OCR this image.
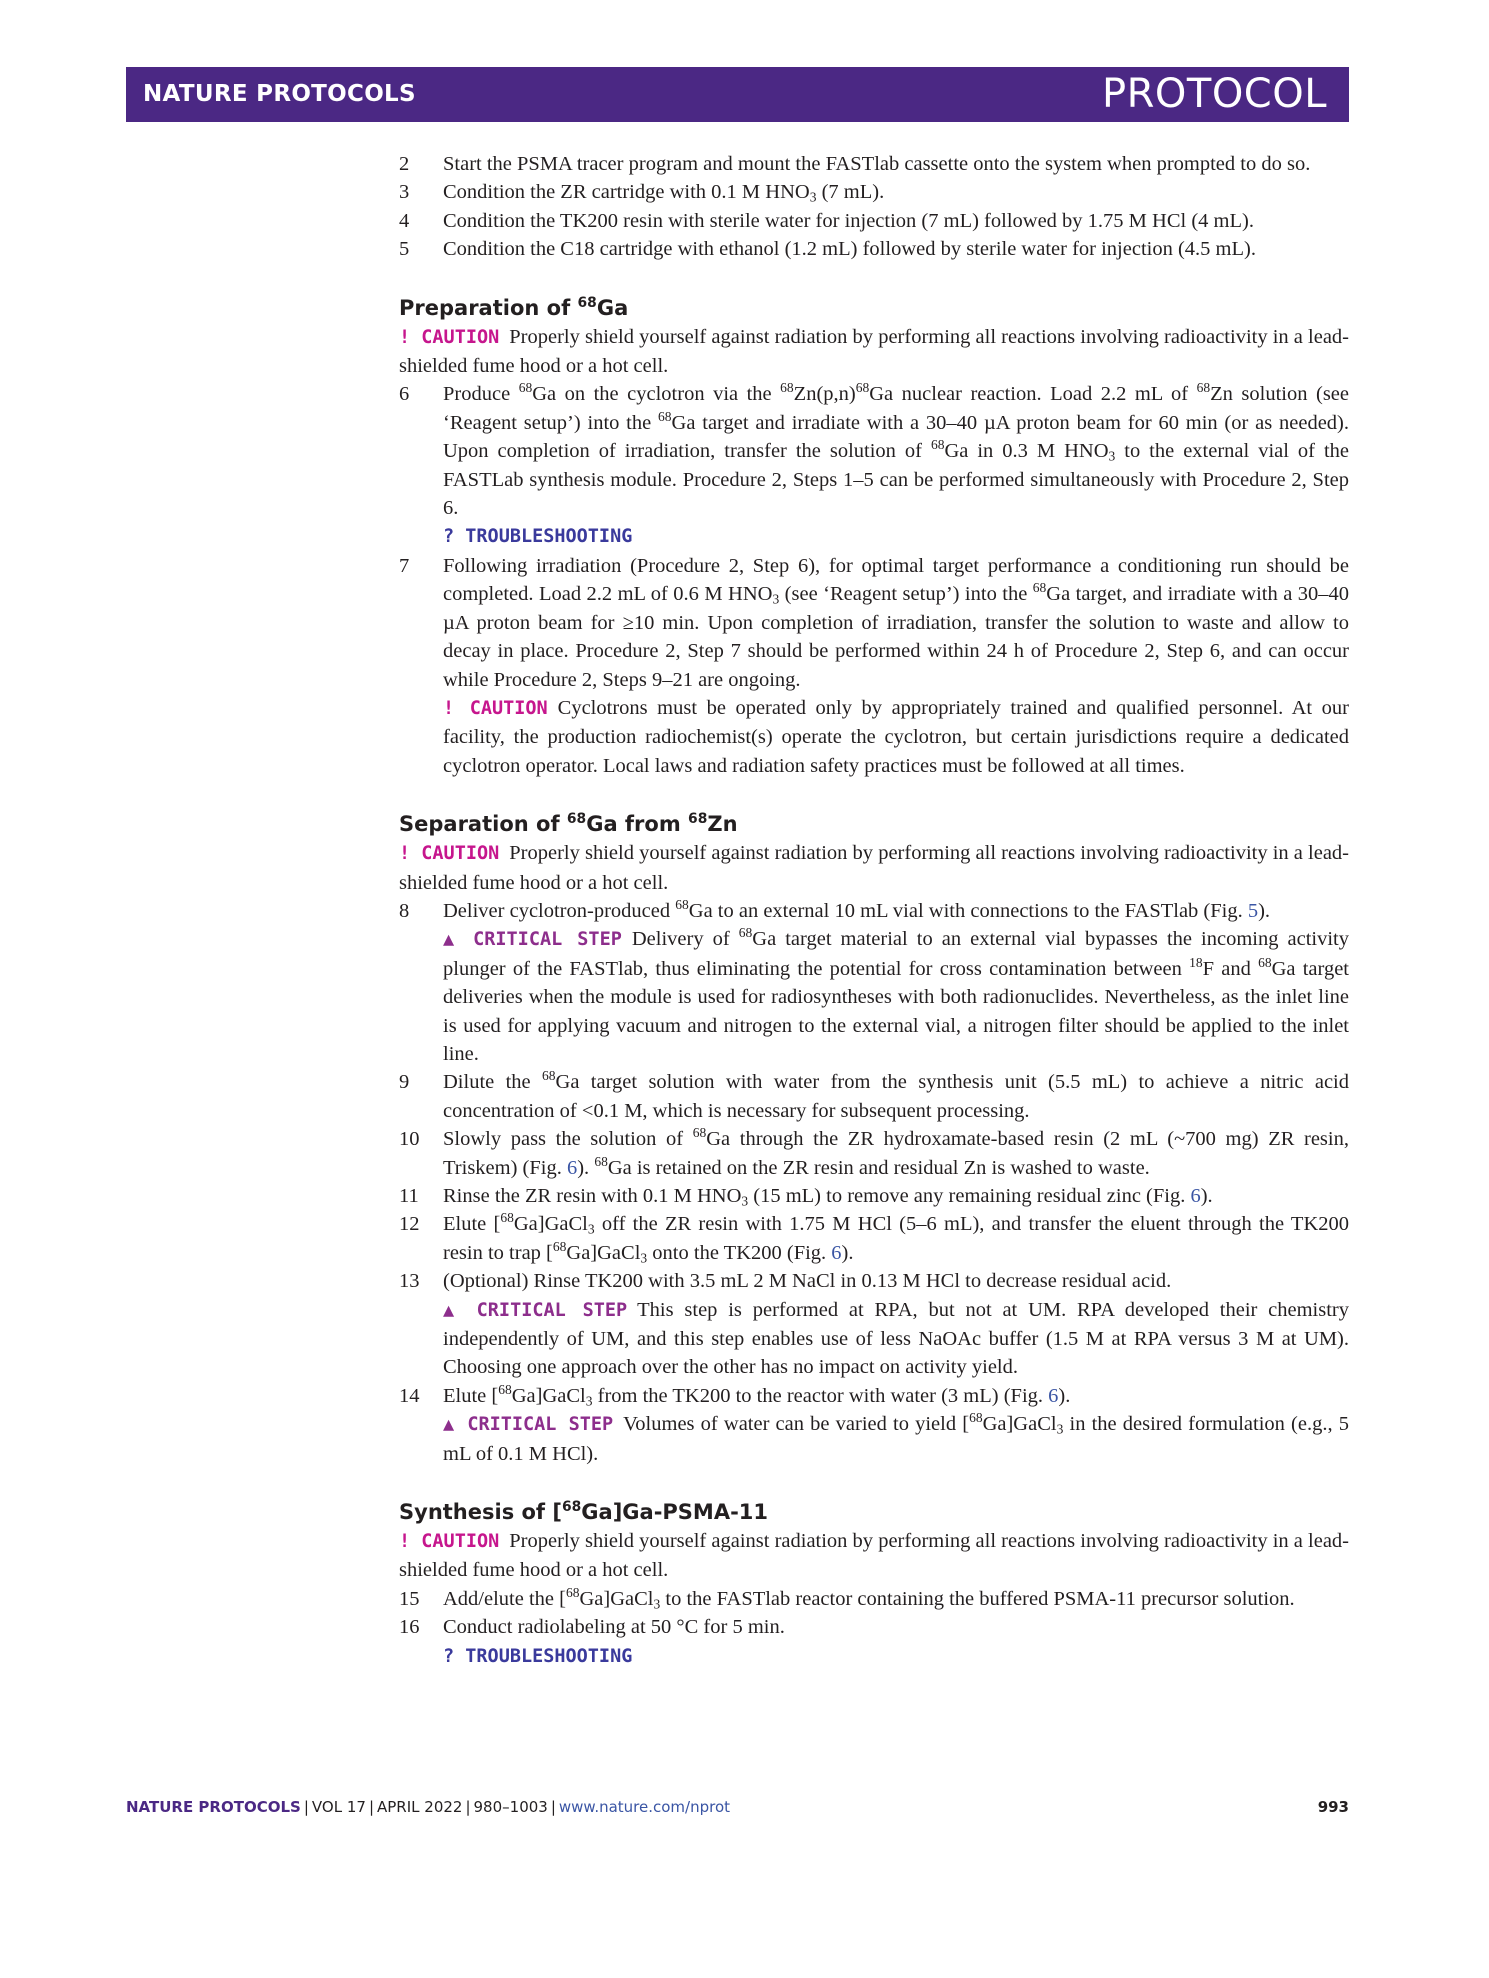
NATURE PROTOCOLS	PROTOCOL
2 Start the PSMA tracer program and mount the FASTlab cassette onto the system when prompted to do so.
3 Condition the ZR cartridge with 0.1 M $HNO_3$ (7 mL).
4 Condition the TK200 resin with sterile water for injection (7 mL) followed by 1.75 M HCl (4 mL).
5 Condition the C18 cartridge with ethanol (1.2 mL) followed by sterile water for injection (4.5 mL).
Preparation of $^{68}$Ga
! CAUTION Properly shield yourself against radiation by performing all reactions involving radioactivity in a lead-shielded fume hood or a hot cell.
6 Produce $^{68}$Ga on the cyclotron via the $^{68}Zn(p,n)^{68}Ga$ nuclear reaction. Load 2.2 mL of $^{68}$Zn solution (see ‘Reagent setup’) into the $^{68}$Ga target and irradiate with a 30–40 µA proton beam for 60 min (or as needed). Upon completion of irradiation, transfer the solution of $^{68}$Ga in 0.3 M $HNO_3$ to the external vial of the FASTLab synthesis module. Procedure 2, Steps 1–5 can be performed simultaneously with Procedure 2, Step 6.
? TROUBLESHOOTING
7 Following irradiation (Procedure 2, Step 6), for optimal target performance a conditioning run should be completed. Load 2.2 mL of 0.6 M $HNO_3$ (see ‘Reagent setup’) into the $^{68}$Ga target, and irradiate with a 30–40 µA proton beam for ≥10 min. Upon completion of irradiation, transfer the solution to waste and allow to decay in place. Procedure 2, Step 7 should be performed within 24 h of Procedure 2, Step 6, and can occur while Procedure 2, Steps 9–21 are ongoing.
! CAUTION Cyclotrons must be operated only by appropriately trained and qualified personnel. At our facility, the production radiochemist(s) operate the cyclotron, but certain jurisdictions require a dedicated cyclotron operator. Local laws and radiation safety practices must be followed at all times.
Separation of $^{68}$Ga from $^{68}$Zn
! CAUTION Properly shield yourself against radiation by performing all reactions involving radioactivity in a lead-shielded fume hood or a hot cell.
8 Deliver cyclotron-produced $^{68}$Ga to an external 10 mL vial with connections to the FASTlab (Fig. 5).
▲ CRITICAL STEP Delivery of $^{68}$Ga target material to an external vial bypasses the incoming activity plunger of the FASTlab, thus eliminating the potential for cross contamination between $^{18}$F and $^{68}$Ga target deliveries when the module is used for radiosyntheses with both radionuclides. Nevertheless, as the inlet line is used for applying vacuum and nitrogen to the external vial, a nitrogen filter should be applied to the inlet line.
9 Dilute the $^{68}$Ga target solution with water from the synthesis unit (5.5 mL) to achieve a nitric acid concentration of <0.1 M, which is necessary for subsequent processing.
10 Slowly pass the solution of $^{68}$Ga through the ZR hydroxamate-based resin (2 mL (~700 mg) ZR resin, Triskem) (Fig. 6). $^{68}$Ga is retained on the ZR resin and residual Zn is washed to waste.
11 Rinse the ZR resin with 0.1 M $HNO_3$ (15 mL) to remove any remaining residual zinc (Fig. 6).
12 Elute [$^{68}$Ga]GaCl$_3$ off the ZR resin with 1.75 M HCl (5–6 mL), and transfer the eluent through the TK200 resin to trap [$^{68}$Ga]GaCl$_3$ onto the TK200 (Fig. 6).
13 (Optional) Rinse TK200 with 3.5 mL 2 M NaCl in 0.13 M HCl to decrease residual acid.
▲ CRITICAL STEP This step is performed at RPA, but not at UM. RPA developed their chemistry independently of UM, and this step enables use of less NaOAc buffer (1.5 M at RPA versus 3 M at UM). Choosing one approach over the other has no impact on activity yield.
14 Elute [$^{68}$Ga]GaCl$_3$ from the TK200 to the reactor with water (3 mL) (Fig. 6).
▲ CRITICAL STEP Volumes of water can be varied to yield [$^{68}$Ga]GaCl$_3$ in the desired formulation (e.g., 5 mL of 0.1 M HCl).
Synthesis of [$^{68}$Ga]Ga-PSMA-11
! CAUTION Properly shield yourself against radiation by performing all reactions involving radioactivity in a lead-shielded fume hood or a hot cell.
15 Add/elute the [$^{68}$Ga]GaCl$_3$ to the FASTlab reactor containing the buffered PSMA-11 precursor solution.
16 Conduct radiolabeling at 50 °C for 5 min.
? TROUBLESHOOTING
NATURE PROTOCOLS | VOL 17 | APRIL 2022 | 980–1003 | www.nature.com/nprot	993
